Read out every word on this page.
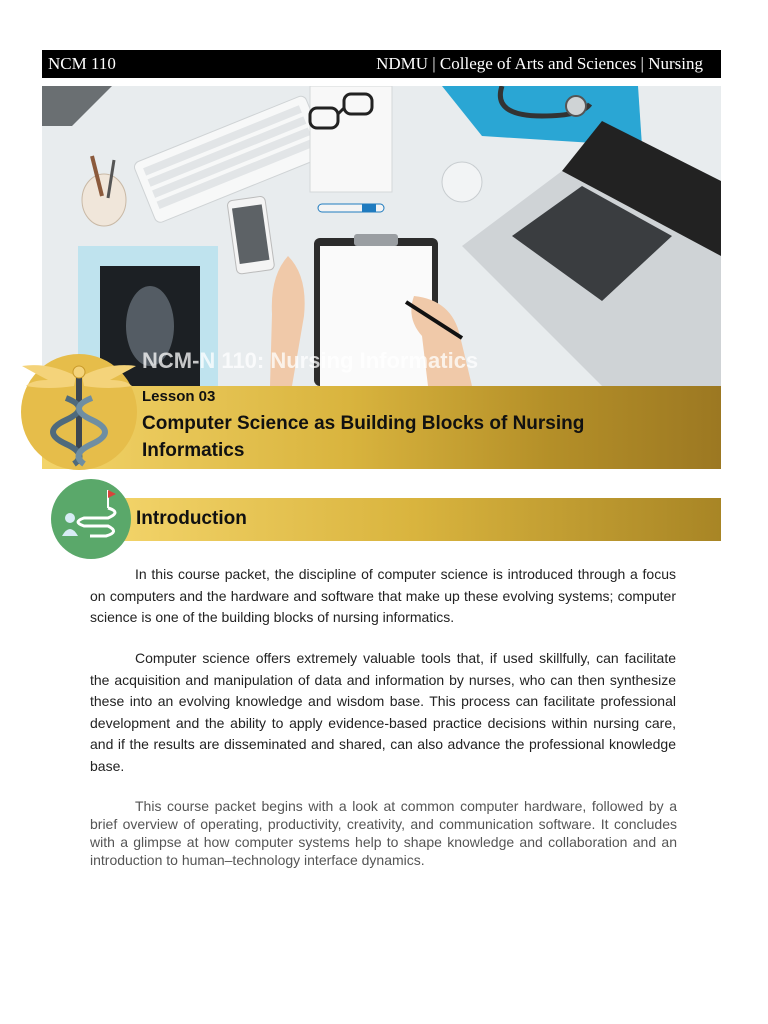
NCM 110	NDMU | College of Arts and Sciences | Nursing
NCM-N 110: Nursing Informatics
Lesson 03
Computer Science as Building Blocks of Nursing Informatics
Introduction

In this course packet, the discipline of computer science is introduced through a focus on computers and the hardware and software that make up these evolving systems; computer science is one of the building blocks of nursing informatics.

Computer science offers extremely valuable tools that, if used skillfully, can facilitate the acquisition and manipulation of data and information by nurses, who can then synthesize these into an evolving knowledge and wisdom base. This process can facilitate professional development and the ability to apply evidence-based practice decisions within nursing care, and if the results are disseminated and shared, can also advance the professional knowledge base.

This course packet begins with a look at common computer hardware, followed by a brief overview of operating, productivity, creativity, and communication software. It concludes with a glimpse at how computer systems help to shape knowledge and collaboration and an introduction to human–technology interface dynamics.
